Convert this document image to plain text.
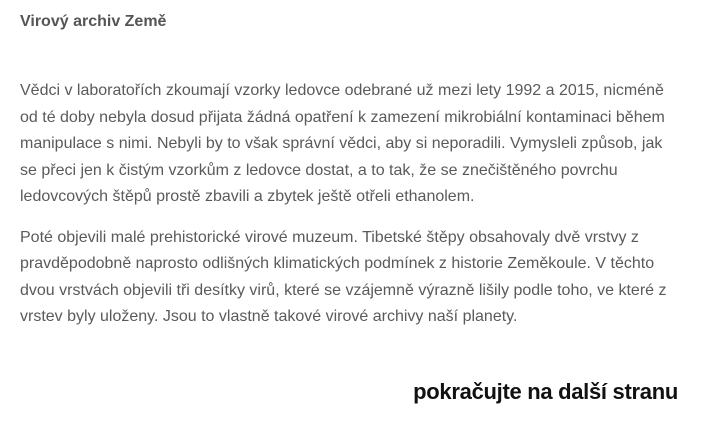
Virový archiv Země

Vědci v laboratořích zkoumají vzorky ledovce odebrané už mezi lety 1992 a 2015, nicméně od té doby nebyla dosud přijata žádná opatření k zamezení mikrobiální kontaminaci během manipulace s nimi. Nebyli by to však správní vědci, aby si neporadili. Vymysleli způsob, jak se přeci jen k čistým vzorkům z ledovce dostat, a to tak, že se znečištěného povrchu ledovcových štěpů prostě zbavili a zbytek ještě otřeli ethanolem.

Poté objevili malé prehistorické virové muzeum. Tibetské štěpy obsahovaly dvě vrstvy z pravděpodobně naprosto odlišných klimatických podmínek z historie Zeměkoule. V těchto dvou vrstvách objevili tři desítky virů, které se vzájemně výrazně lišily podle toho, ve které z vrstev byly uloženy. Jsou to vlastně takové virové archivy naší planety.

pokračujte na další stranu
